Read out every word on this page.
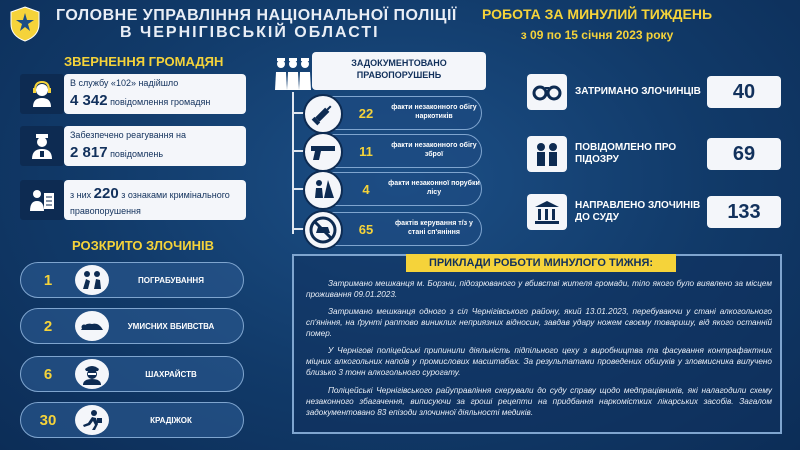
ГОЛОВНЕ УПРАВЛІННЯ НАЦІОНАЛЬНОЇ ПОЛІЦІЇ
В ЧЕРНІГІВСЬКІЙ ОБЛАСТІ
РОБОТА ЗА МИНУЛИЙ ТИЖДЕНЬ
з 09 по 15 січня 2023 року
ЗВЕРНЕННЯ ГРОМАДЯН
В службу «102» надійшло
4 342 повідомлення громадян
Забезпечено реагування на
2 817 повідомлень
з них 220 з ознаками кримінального правопорушення
РОЗКРИТО ЗЛОЧИНІВ
1	ПОГРАБУВАННЯ
2	УМИСНИХ ВБИВСТВА
6	ШАХРАЙСТВ
30	КРАДІЖОК
ЗАДОКУМЕНТОВАНО ПРАВОПОРУШЕНЬ
22	факти незаконного обігу наркотиків
11	факти незаконного обігу зброї
4	факти незаконної порубки лісу
65	фактів керування т/з у стані сп'яніння
ЗАТРИМАНО ЗЛОЧИНЦІВ	40
ПОВІДОМЛЕНО ПРО ПІДОЗРУ	69
НАПРАВЛЕНО ЗЛОЧИНІВ ДО СУДУ	133
ПРИКЛАДИ РОБОТИ МИНУЛОГО ТИЖНЯ:

Затримано мешканця м. Борзни, підозрюваного у вбивстві жителя громади, тіло якого було виявлено за місцем проживання 09.01.2023.

Затримано мешканця одного з сіл Чернігівського району, який 13.01.2023, перебуваючи у стані алкогольного сп'яніння, на ґрунті раптово виниклих неприязних відносин, завдав удару ножем своєму товаришу, від якого останній помер.

У Чернігові поліцейські припинили діяльність підпільного цеху з виробництва та фасування контрафактних міцних алкогольних напоїв у промислових масштабах. За результатами проведених обшуків у зловмисника вилучено близько 3 тонн алкогольного сурогату.

Поліцейські Чернігівського райуправління скерували до суду справу щодо медпрацівників, які налагодили схему незаконного збагачення, виписуючи за гроші рецепти на придбання наркомістких лікарських засобів. Загалом задокументовано 83 епізоди злочинної діяльності медиків.
